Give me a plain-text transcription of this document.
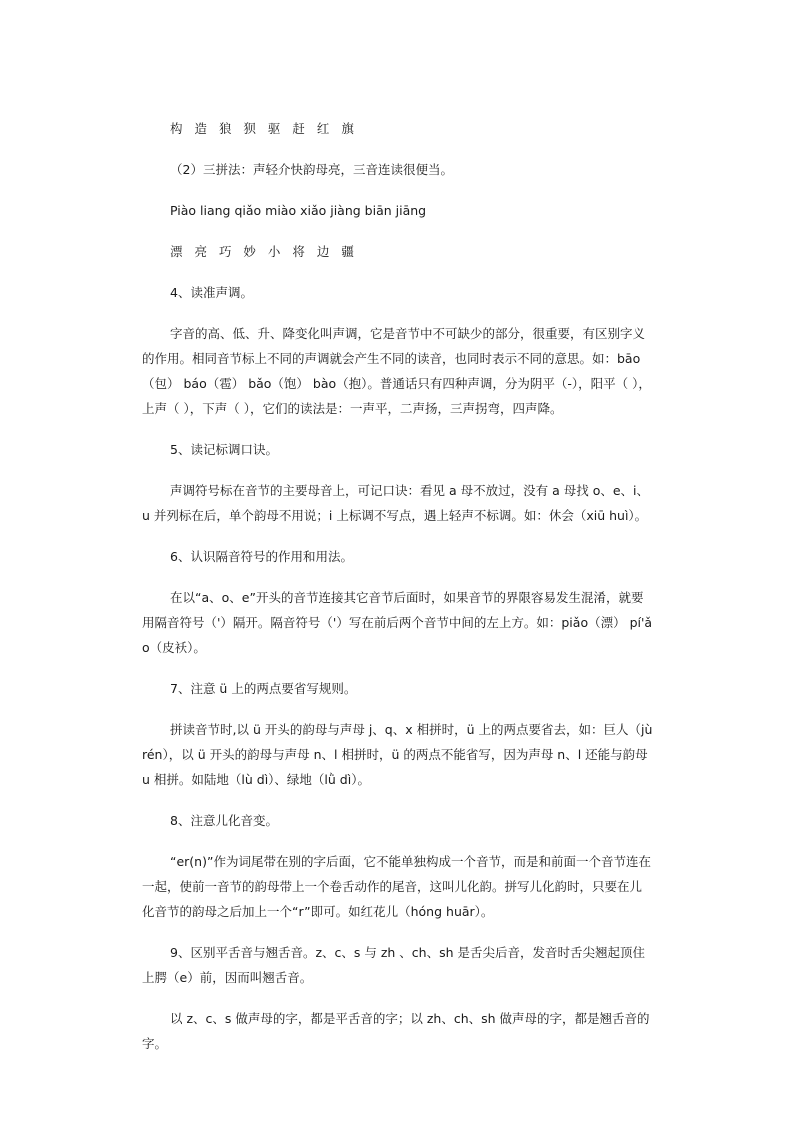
构 造 狼 狈 驱 赶 红 旗

（2）三拼法：声轻介快韵母亮，三音连读很便当。

Piào liang qiǎo miào xiǎo jiàng biān jiāng

漂 亮 巧 妙 小 将 边 疆

4、读准声调。

字音的高、低、升、降变化叫声调，它是音节中不可缺少的部分，很重要，有区别字义的作用。相同音节标上不同的声调就会产生不同的读音，也同时表示不同的意思。如：bāo（包） báo（雹） bǎo（饱） bào（抱）。普通话只有四种声调，分为阴平（-），阳平（ ），上声（ ），下声（ ），它们的读法是：一声平，二声扬，三声拐弯，四声降。

5、读记标调口诀。

声调符号标在音节的主要母音上，可记口诀：看见 a 母不放过，没有 a 母找 o、e、i、u 并列标在后，单个韵母不用说；i 上标调不写点，遇上轻声不标调。如：休会（xiū huì）。

6、认识隔音符号的作用和用法。

在以“a、o、e”开头的音节连接其它音节后面时，如果音节的界限容易发生混淆，就要用隔音符号（'）隔开。隔音符号（'）写在前后两个音节中间的左上方。如：piǎo（漂） pí'ǎo（皮袄）。

7、注意 ü 上的两点要省写规则。

拼读音节时,以 ü 开头的韵母与声母 j、q、x 相拼时，ü 上的两点要省去，如：巨人（jù rén），以 ü 开头的韵母与声母 n、l 相拼时，ü 的两点不能省写，因为声母 n、l 还能与韵母 u 相拼。如陆地（lù dì）、绿地（lǜ dì）。

8、注意儿化音变。

“er(n)”作为词尾带在别的字后面，它不能单独构成一个音节，而是和前面一个音节连在一起，使前一音节的韵母带上一个卷舌动作的尾音，这叫儿化韵。拼写儿化韵时，只要在儿化音节的韵母之后加上一个“r”即可。如红花儿（hóng huār）。

9、区别平舌音与翘舌音。z、c、s 与 zh 、ch、sh 是舌尖后音，发音时舌尖翘起顶住上腭（e）前，因而叫翘舌音。

以 z、c、s 做声母的字，都是平舌音的字；以 zh、ch、sh 做声母的字，都是翘舌音的字。
